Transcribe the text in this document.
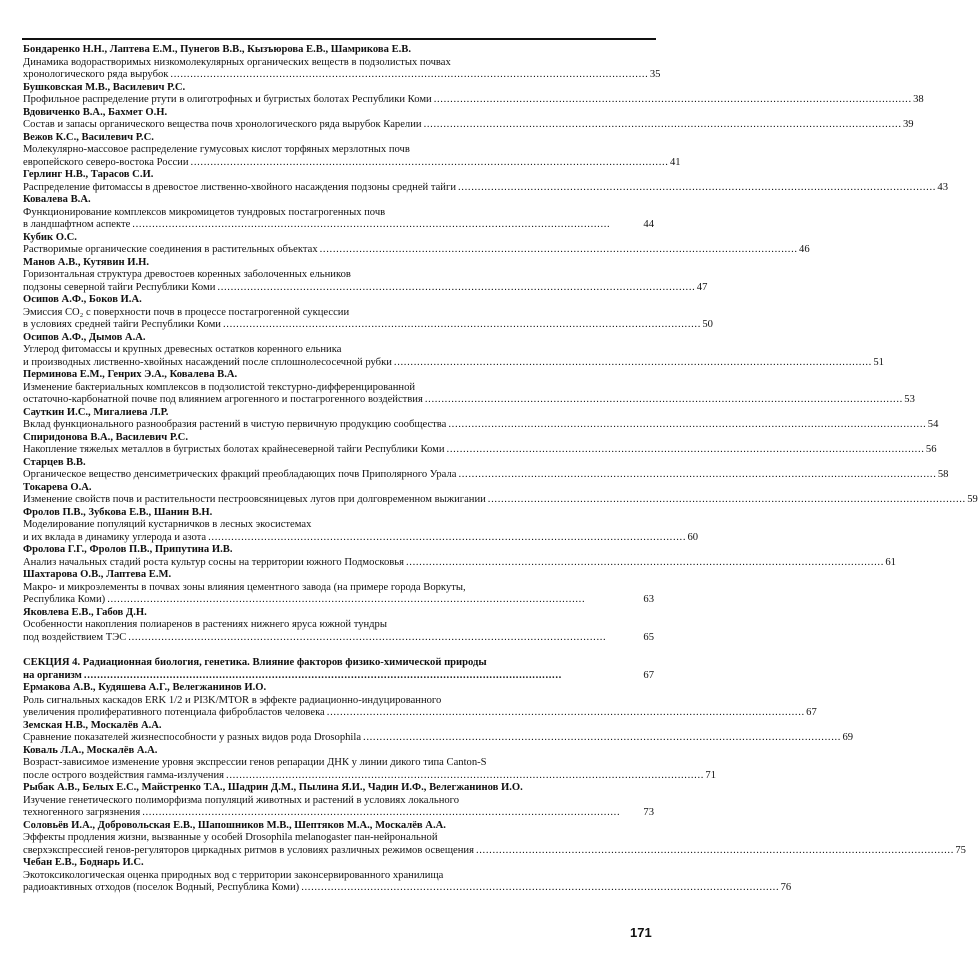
Бондаренко Н.Н., Лаптева Е.М., Пунегов В.В., Кызъюрова Е.В., Шамрикова Е.В.
Динамика водорастворимых низкомолекулярных органических веществ в подзолистых почвах
хронологического ряда вырубок . . .	35
Бушковская М.В., Василевич Р.С.
Профильное распределение ртути в олиготрофных и бугристых болотах Республики Коми . . .	38
Вдовиченко В.А., Бахмет О.Н.
Состав и запасы органического вещества почв хронологического ряда вырубок Карелии . . .	39
Вежов К.С., Василевич Р.С.
Молекулярно-массовое распределение гумусовых кислот торфяных мерзлотных почв
европейского северо-востока России . . .	41
Герлинг Н.В., Тарасов С.И.
Распределение фитомассы в древостое лиственно-хвойного насаждения подзоны средней тайги . . .	43
Ковалева В.А.
Функционирование комплексов микромицетов тундровых постагрогенных почв
в ландшафтном аспекте . . .	44
Кубик О.С.
Растворимые органические соединения в растительных объектах . . .	46
Манов А.В., Кутявин И.Н.
Горизонтальная структура древостоев коренных заболоченных ельников
подзоны северной тайги Республики Коми . . .	47
Осипов А.Ф., Боков И.А.
Эмиссия СО₂ с поверхности почв в процессе постагрогенной сукцессии
в условиях средней тайги Республики Коми . . .	50
Осипов А.Ф., Дымов А.А.
Углерод фитомассы и крупных древесных остатков коренного ельника
и производных лиственно-хвойных насаждений после сплошнолесосечной рубки . . .	51
Перминова Е.М., Генрих Э.А., Ковалева В.А.
Изменение бактериальных комплексов в подзолистой текстурно-дифференцированной
остаточно-карбонатной почве под влиянием агрогенного и постагрогенного воздействия . . .	53
Сауткин И.С., Мигалиева Л.Р.
Вклад функционального разнообразия растений в чистую первичную продукцию сообщества . . .	54
Спиридонова В.А., Василевич Р.С.
Накопление тяжелых металлов в бугристых болотах крайнесеверной тайги Республики Коми . . .	56
Старцев В.В.
Органическое вещество денсиметрических фракций преобладающих почв Приполярного Урала . . .	58
Токарева О.А.
Изменение свойств почв и растительности пестроовсяницевых лугов при долговременном выжигании . . .	59
Фролов П.В., Зубкова Е.В., Шанин В.Н.
Моделирование популяций кустарничков в лесных экосистемах
и их вклада в динамику углерода и азота . . .	60
Фролова Г.Г., Фролов П.В., Припутина И.В.
Анализ начальных стадий роста культур сосны на территории южного Подмосковья . . .	61
Шахтарова О.В., Лаптева Е.М.
Макро- и микроэлементы в почвах зоны влияния цементного завода (на примере города Воркуты,
Республика Коми) . . .	63
Яковлева Е.В., Габов Д.Н.
Особенности накопления полиаренов в растениях нижнего яруса южной тундры
под воздействием ТЭС . . .	65
СЕКЦИЯ 4. Радиационная биология, генетика. Влияние факторов физико-химической природы
на организм . . .	67
Ермакова А.В., Кудяшева А.Г., Велегжанинов И.О.
Роль сигнальных каскадов ERK 1/2 и PI3K/MTOR в эффекте радиационно-индуцированного
увеличения пролиферативного потенциала фибробластов человека . . .	67
Земская Н.В., Москалёв А.А.
Сравнение показателей жизнеспособности у разных видов рода Drosophila . . .	69
Коваль Л.А., Москалёв А.А.
Возраст-зависимое изменение уровня экспрессии генов репарации ДНК у линии дикого типа Canton-S
после острого воздействия гамма-излучения . . .	71
Рыбак А.В., Белых Е.С., Майстренко Т.А., Шадрин Д.М., Пылина Я.И., Чадин И.Ф., Велегжанинов И.О.
Изучение генетического полиморфизма популяций животных и растений в условиях локального
техногенного загрязнения . . .	73
Соловьёв И.А., Добровольская Е.В., Шапошников М.В., Шептяков М.А., Москалёв А.А.
Эффекты продления жизни, вызванные у особей Drosophila melanogaster пан-нейрональной
сверхэкспрессией генов-регуляторов циркадных ритмов в условиях различных режимов освещения . . .	75
Чебан Е.В., Боднарь И.С.
Экотоксикологическая оценка природных вод с территории законсервированного хранилища
радиоактивных отходов (поселок Водный, Республика Коми) . . .	76
171
